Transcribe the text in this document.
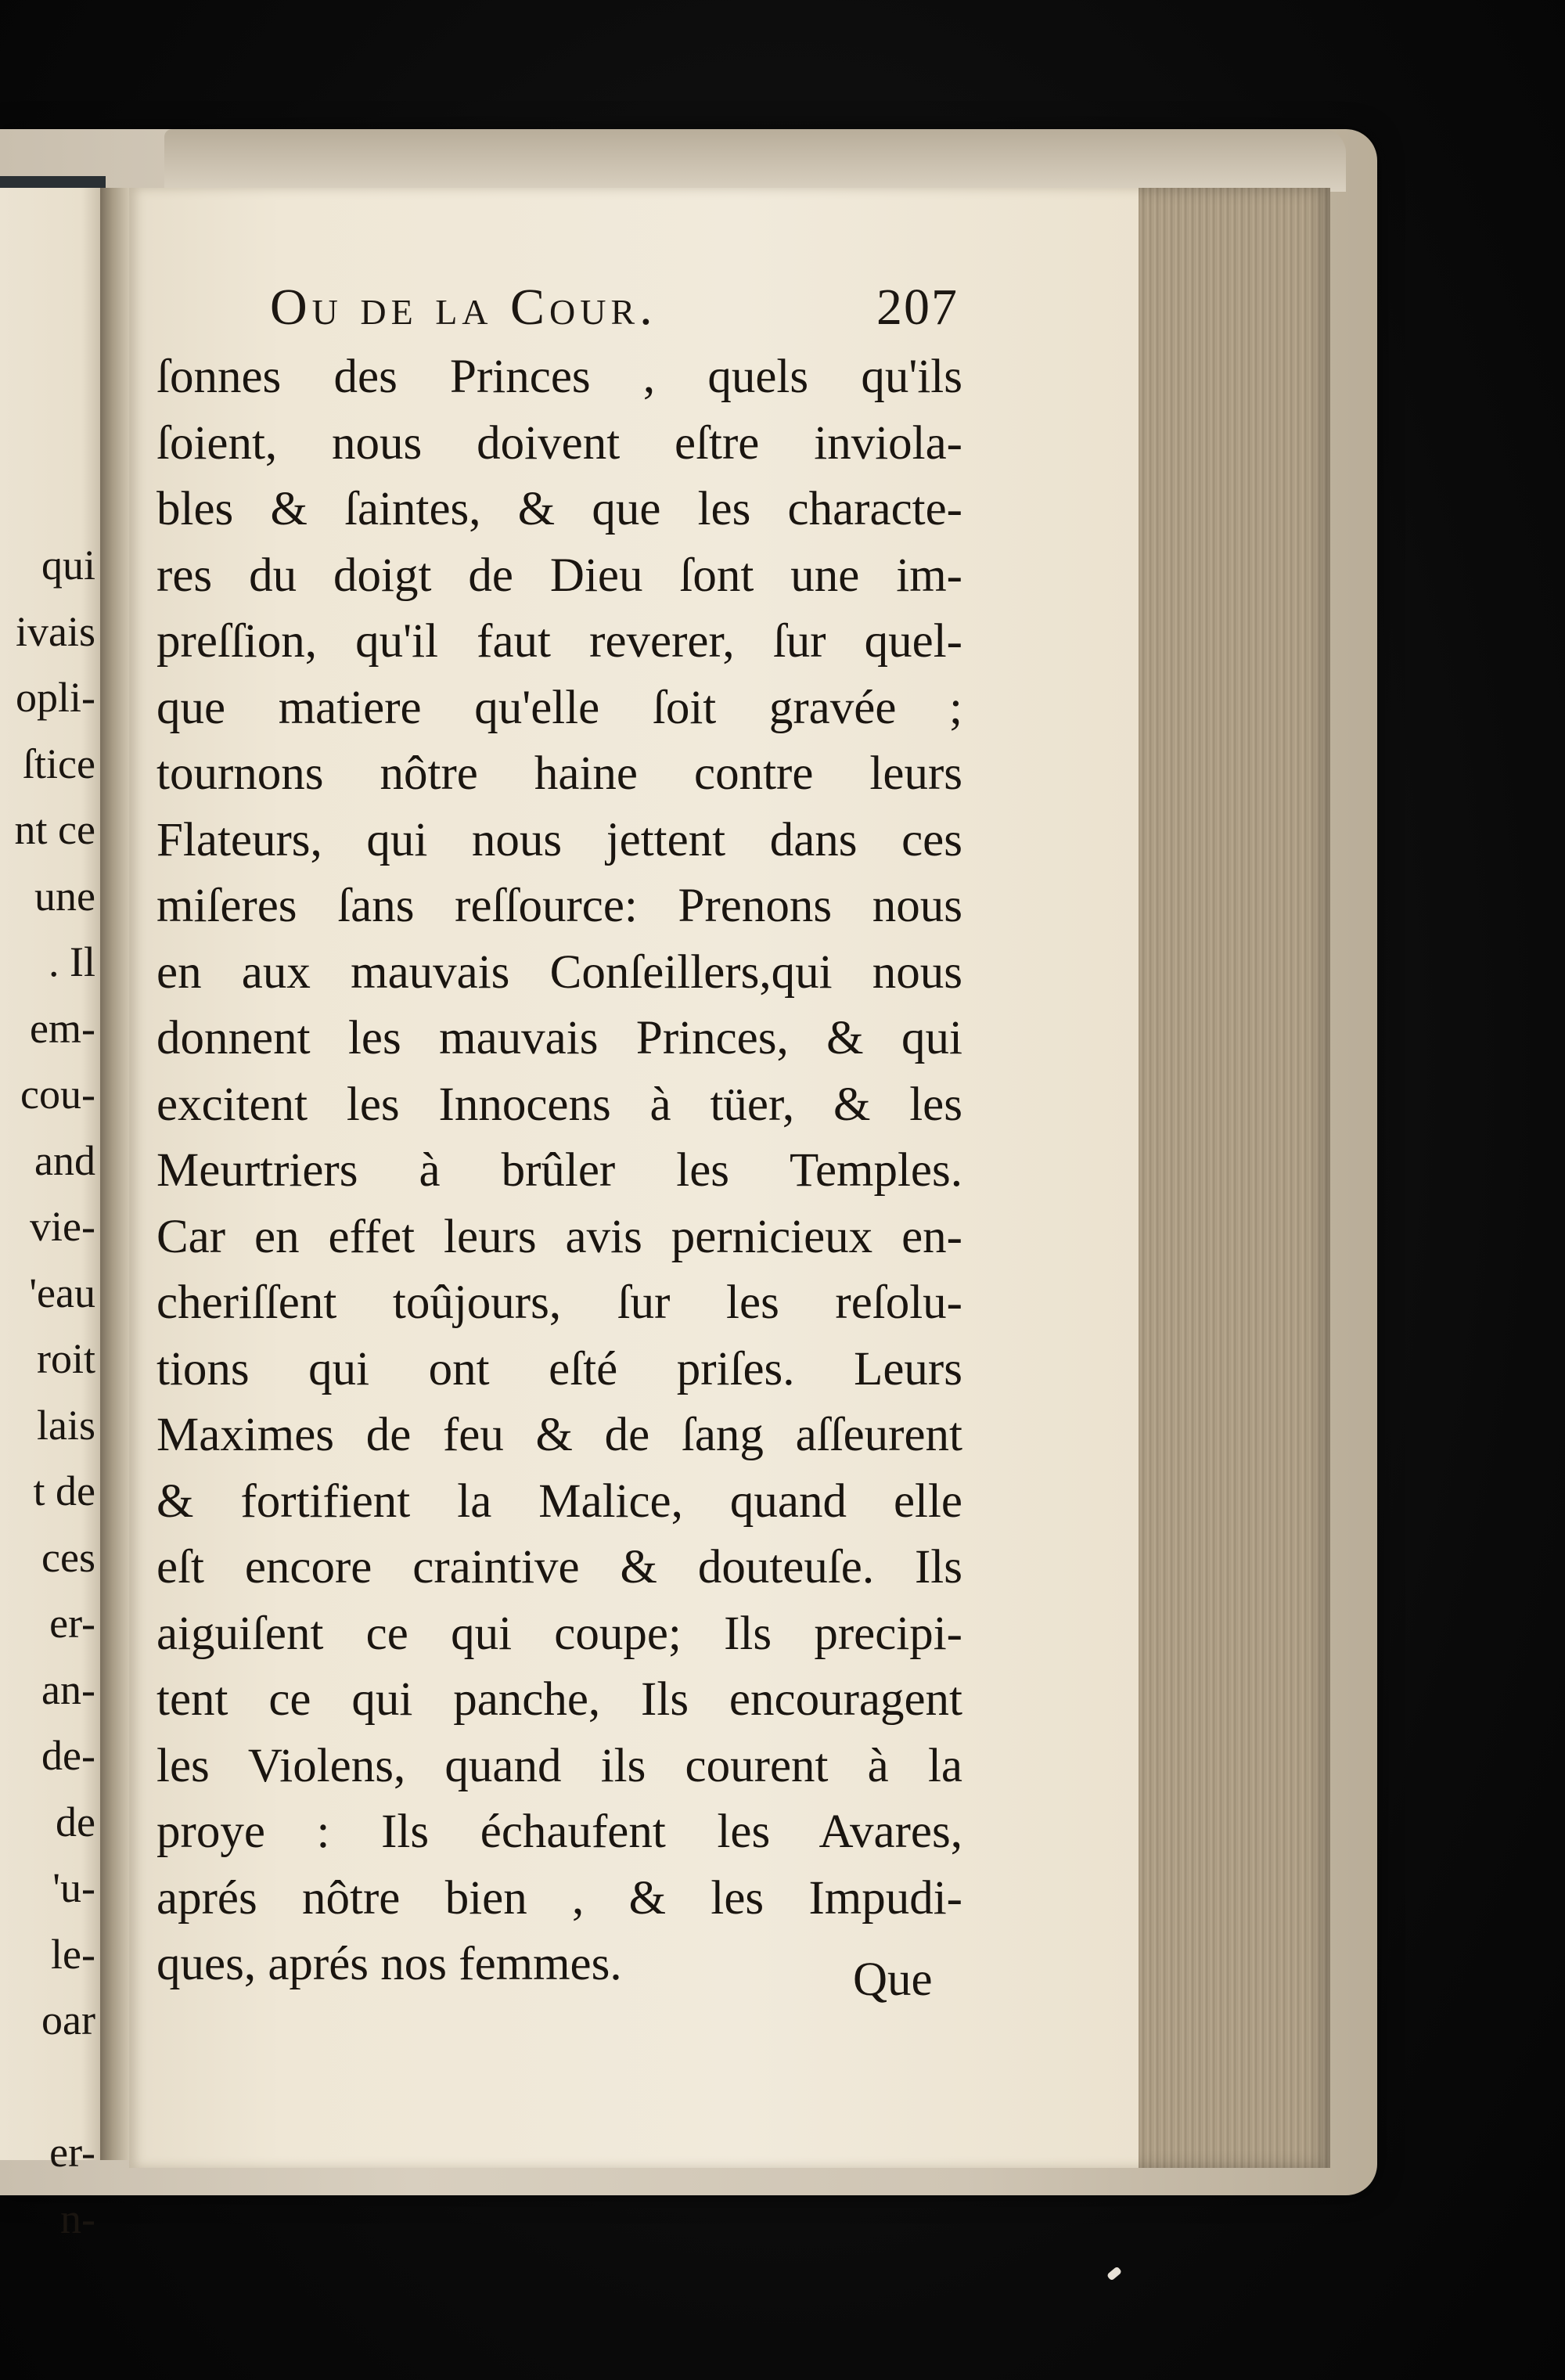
qui
ivais
opli-
ſtice
nt ce
une
. Il
em-
cou-
and
vie-
'eau
roit
lais
t de
ces
er-
an-
de-
de
'u-
le-
oar
er-
n-
Ou de la Cour.	207
ſonnes des Princes , quels qu'ils
ſoient, nous doivent eſtre inviola-
bles & ſaintes, & que les characte-
res du doigt de Dieu ſont une im-
preſſion, qu'il faut reverer, ſur quel-
que matiere qu'elle ſoit gravée ;
tournons nôtre haine contre leurs
Flateurs, qui nous jettent dans ces
miſeres ſans reſſource: Prenons nous
en aux mauvais Conſeillers,qui nous
donnent les mauvais Princes, & qui
excitent les Innocens à tüer, & les
Meurtriers à brûler les Temples.
Car en effet leurs avis pernicieux en-
cheriſſent toûjours, ſur les reſolu-
tions qui ont eſté priſes. Leurs
Maximes de feu & de ſang aſſeurent
& fortifient la Malice, quand elle
eſt encore craintive & douteuſe. Ils
aiguiſent ce qui coupe; Ils precipi-
tent ce qui panche, Ils encouragent
les Violens, quand ils courent à la
proye : Ils échaufent les Avares,
aprés nôtre bien , & les Impudi-
ques, aprés nos femmes.	Que
